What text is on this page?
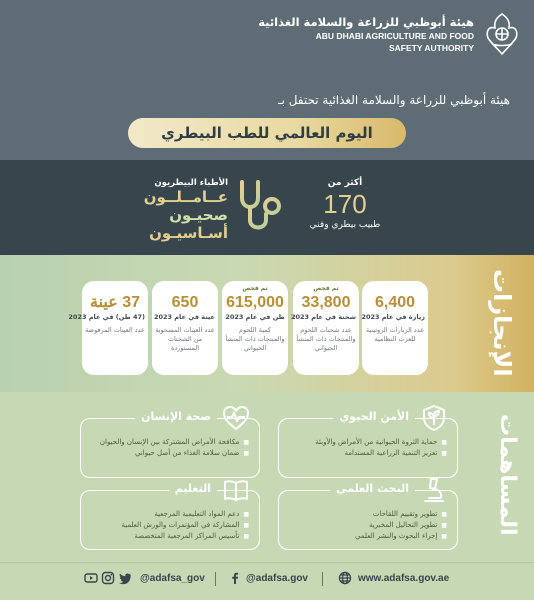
هيئة أبوظبي للزراعة والسلامة الغذائية
ABU DHABI AGRICULTURE AND FOOD
SAFETY AUTHORITY
هيئة أبوظبي للزراعة والسلامة الغذائية تحتفل بـ
اليوم العالمي للطب البيطري
أكثر من
170
طبيب بيطري وفني
الأطباء البيطريون
عــامــلــون
صحيـون
أسـاسيـون
الإنجازات
6,400
زيارة في عام 2023
عدد الزيارات الروتينية للعزب النظامية
تم فحص
33,800
شحنة في عام 2023
عدد شحنات اللحوم والمنتجات ذات المنشأ الحيواني
تم فحص
615,000
طن في عام 2023
كمية اللحوم والمنتجات ذات المنشأ الحيواني
650
عينة في عام 2023
عدد العينات المسحوبة من الشحنات المستوردة
37 عينة
(47 طن) في عام 2023
عدد العينات المرفوضة
المساهمات
الأمن الحيوي
■ حماية الثروة الحيوانية من الأمراض والأوبئة
■ تعزيز التنمية الزراعية المستدامة
صحة الإنسان
■ مكافحة الأمراض المشتركة بين الإنسان والحيوان
■ ضمان سلامة الغذاء من أصل حيواني
البحث العلمي
■ تطوير وتقييم اللقاحات
■ تطوير التحاليل المخبرية
■ إجراء البحوث والنشر العلمي
التعليم
■ دعم المواد التعليمية المرجعية
■ المشاركة في المؤتمرات والورش العلمية
■ تأسيس المراكز المرجعية المتخصصة
@adafsa_gov	@adafsa.gov	www.adafsa.gov.ae
